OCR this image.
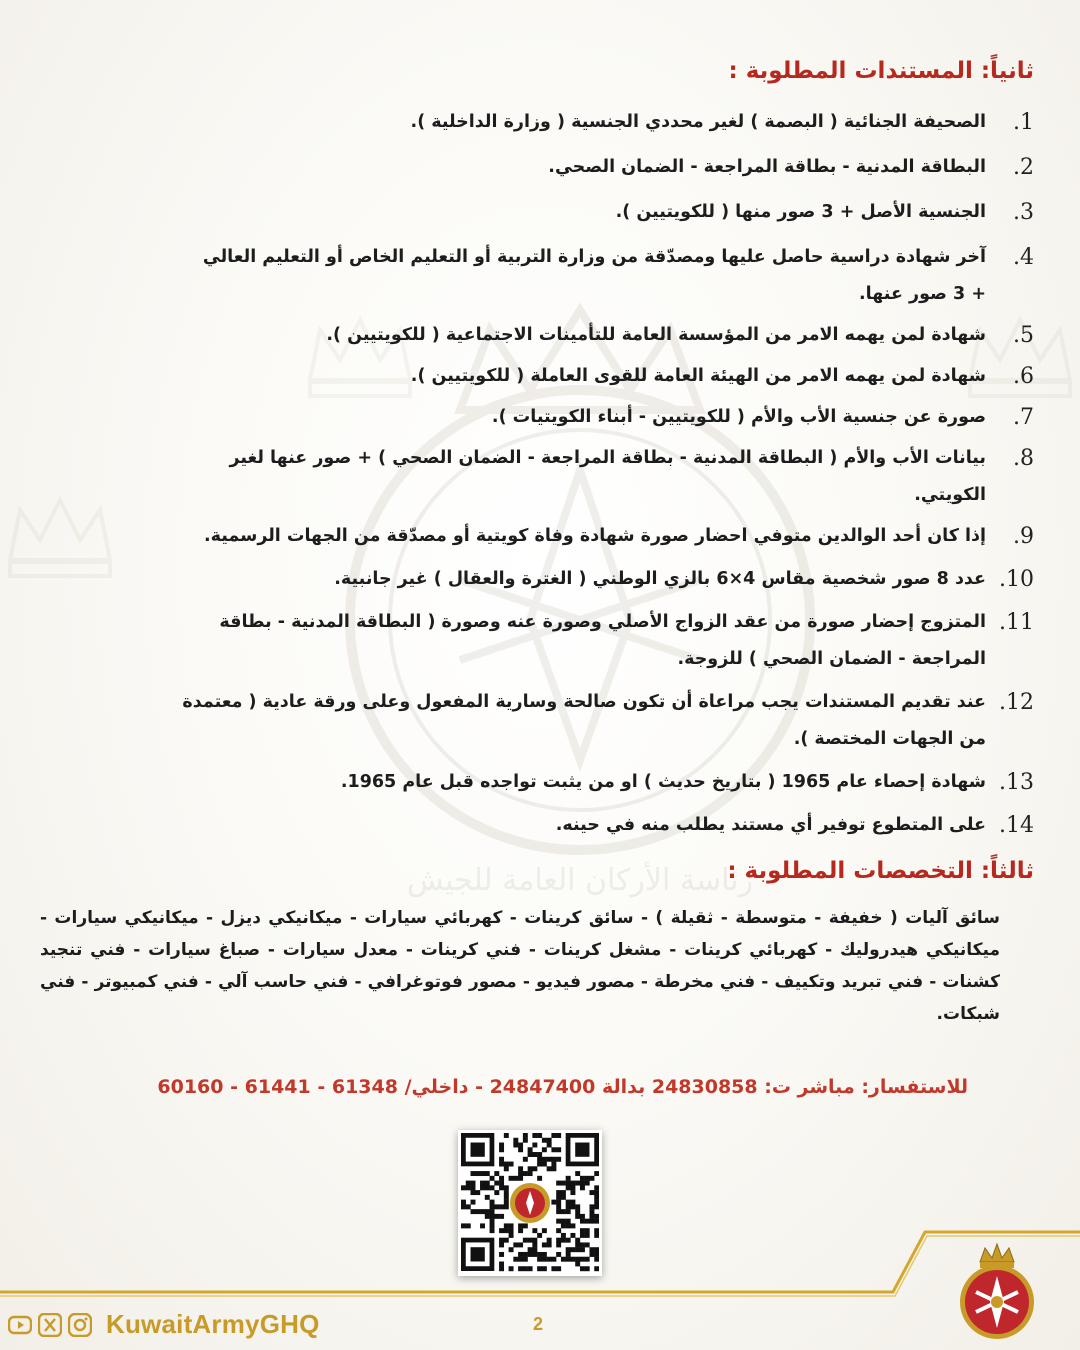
رئاسة الأركان العامة للجيش
ثانياً: المستندات المطلوبة :
1.
الصحيفة الجنائية ( البصمة ) لغير محددي الجنسية ( وزارة الداخلية ).
2.
البطاقة المدنية - بطاقة المراجعة - الضمان الصحي.
3.
الجنسية الأصل + 3 صور منها ( للكويتيين ).
4.
آخر شهادة دراسية حاصل عليها ومصدّقة من وزارة التربية أو التعليم الخاص أو التعليم العالي
+ 3 صور عنها.
5.
شهادة لمن يهمه الامر من المؤسسة العامة للتأمينات الاجتماعية ( للكويتيين ).
6.
شهادة لمن يهمه الامر من الهيئة العامة للقوى العاملة ( للكويتيين ).
7.
صورة عن جنسية الأب والأم ( للكويتيين - أبناء الكويتيات ).
8.
بيانات الأب والأم ( البطاقة المدنية - بطاقة المراجعة - الضمان الصحي ) + صور عنها لغير
الكويتي.
9.
إذا كان أحد الوالدين متوفي احضار صورة شهادة وفاة كويتية أو مصدّقة من الجهات الرسمية.
10.
عدد 8 صور شخصية مقاس 4×6 بالزي الوطني ( الغترة والعقال ) غير جانبية.
11.
المتزوج إحضار صورة من عقد الزواج الأصلي وصورة عنه وصورة ( البطاقة المدنية - بطاقة
المراجعة - الضمان الصحي ) للزوجة.
12.
عند تقديم المستندات يجب مراعاة أن تكون صالحة وسارية المفعول وعلى ورقة عادية ( معتمدة
من الجهات المختصة ).
13.
شهادة إحصاء عام 1965 ( بتاريخ حديث ) او من يثبت تواجده قبل عام 1965.
14.
على المتطوع توفير أي مستند يطلب منه في حينه.
ثالثاً: التخصصات المطلوبة :

سائق آليات ( خفيفة - متوسطة - ثقيلة ) - سائق كرينات - كهربائي سيارات - ميكانيكي ديزل - ميكانيكي سيارات - ميكانيكي هيدروليك - كهربائي كرينات - مشغل كرينات - فني كرينات - معدل سيارات - صباغ سيارات - فني تنجيد كشنات - فني تبريد وتكييف - فني مخرطة - مصور فيديو - مصور فوتوغرافي - فني حاسب آلي - فني كمبيوتر - فني شبكات.

للاستفسار: مباشر ت: 24830858 بدالة 24847400 - داخلي/ 61348 - 61441 - 60160

KuwaitArmyGHQ	2
